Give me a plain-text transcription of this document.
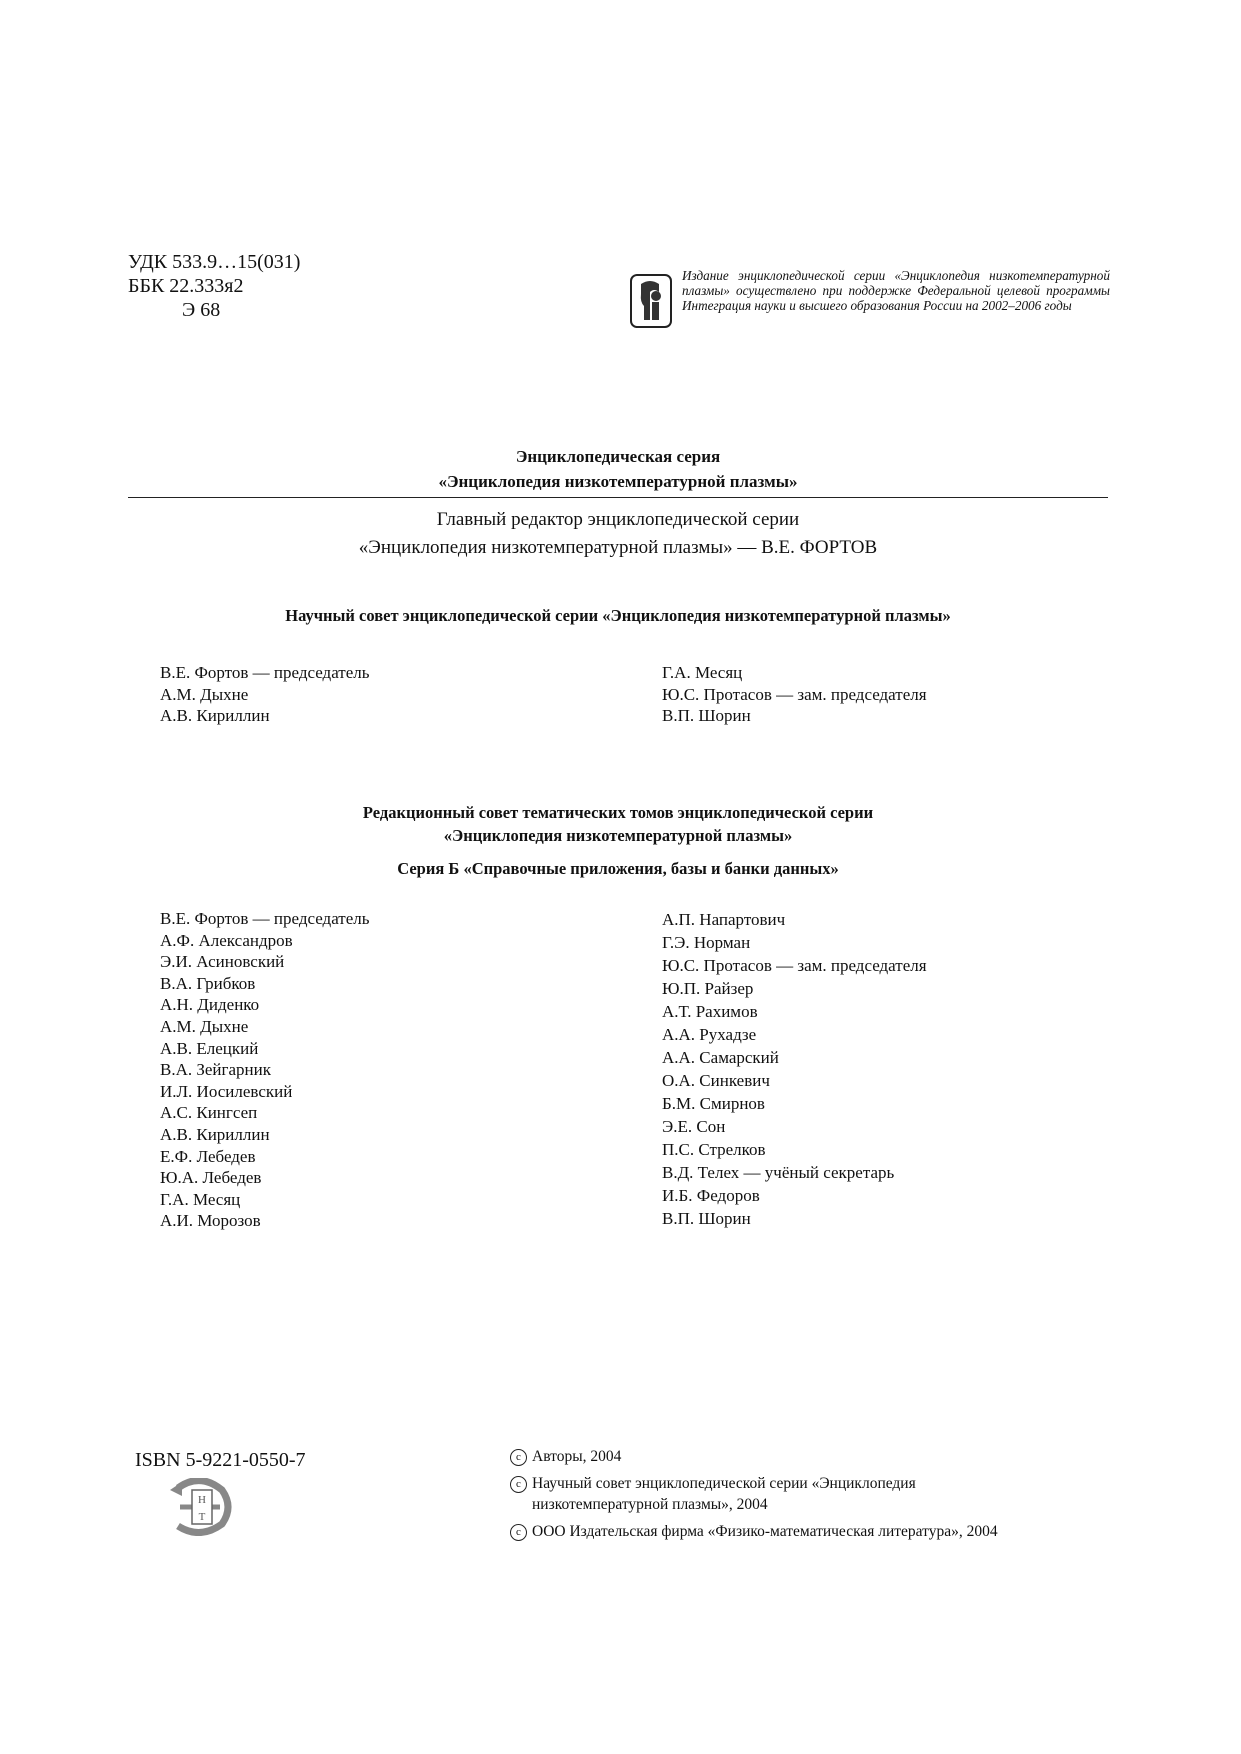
УДК 533.9…15(031)
ББК 22.333я2
Э 68
Издание энциклопедической серии «Энциклопедия низкотемпературной плазмы» осуществлено при поддержке Федеральной целевой программы Интеграция науки и высшего образования России на 2002–2006 годы
Энциклопедическая серия
«Энциклопедия низкотемпературной плазмы»
Главный редактор энциклопедической серии
«Энциклопедия низкотемпературной плазмы» — В.Е. ФОРТОВ
Научный совет энциклопедической серии «Энциклопедия низкотемпературной плазмы»
В.Е. Фортов — председатель
А.М. Дыхне
А.В. Кириллин
Г.А. Месяц
Ю.С. Протасов — зам. председателя
В.П. Шорин
Редакционный совет тематических томов энциклопедической серии
«Энциклопедия низкотемпературной плазмы»
Серия Б «Справочные приложения, базы и банки данных»
В.Е. Фортов — председатель
А.Ф. Александров
Э.И. Асиновский
В.А. Грибков
А.Н. Диденко
А.М. Дыхне
А.В. Елецкий
В.А. Зейгарник
И.Л. Иосилевский
А.С. Кингсеп
А.В. Кириллин
Е.Ф. Лебедев
Ю.А. Лебедев
Г.А. Месяц
А.И. Морозов
А.П. Напартович
Г.Э. Норман
Ю.С. Протасов — зам. председателя
Ю.П. Райзер
А.Т. Рахимов
А.А. Рухадзе
А.А. Самарский
О.А. Синкевич
Б.М. Смирнов
Э.Е. Сон
П.С. Стрелков
В.Д. Телех — учёный секретарь
И.Б. Федоров
В.П. Шорин
ISBN 5-9221-0550-7
Н
Т
c Авторы, 2004
c Научный совет энциклопедической серии «Энциклопедия
низкотемпературной плазмы», 2004
c ООО Издательская фирма «Физико-математическая литература», 2004
